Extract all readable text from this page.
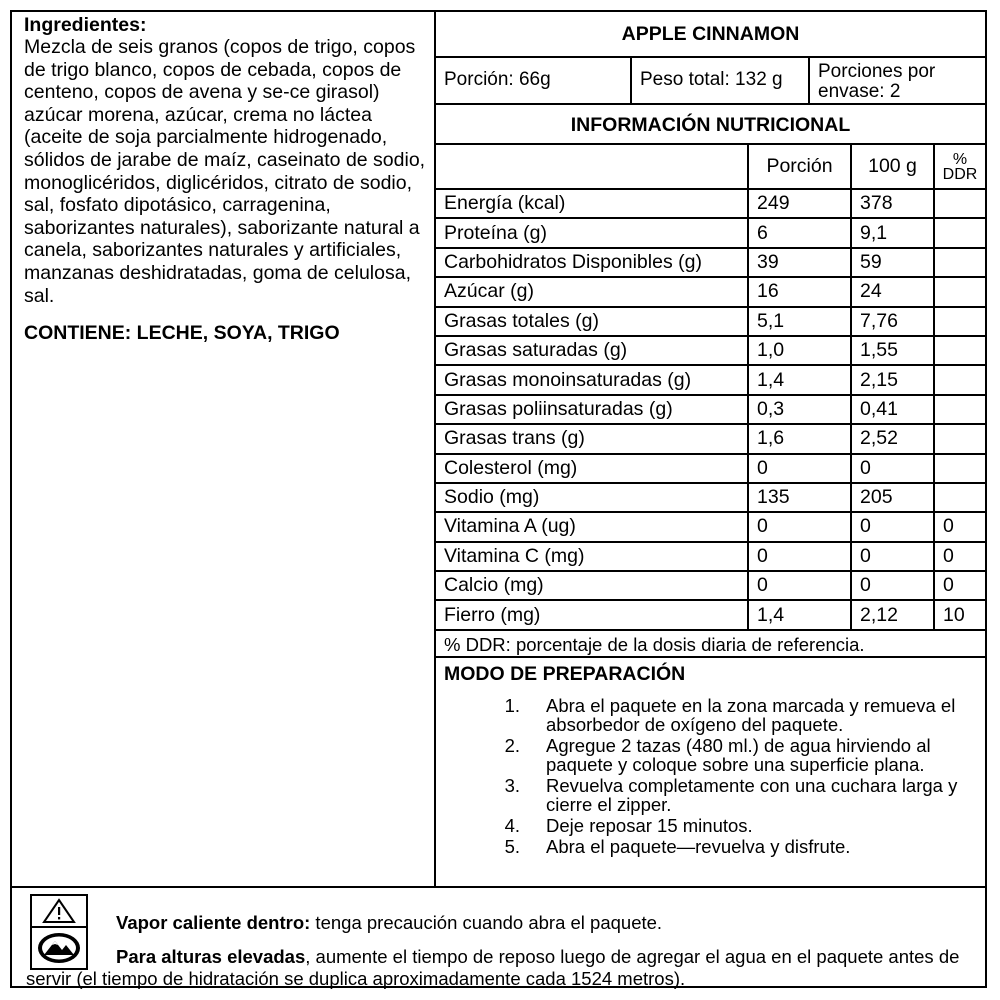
Ingredientes:

Mezcla de seis granos (copos de trigo, copos de trigo blanco, copos de cebada, copos de centeno, copos de avena y se-ce girasol) azúcar morena, azúcar, crema no láctea (aceite de soja parcialmente hidrogenado, sólidos de jarabe de maíz, caseinato de sodio, monoglicéridos, diglicéridos, citrato de sodio, sal, fosfato dipotásico, carragenina, saborizantes naturales), saborizante natural a canela, saborizantes naturales y artificiales, manzanas deshidratadas, goma de celulosa, sal.

CONTIENE: LECHE, SOYA, TRIGO

APPLE CINNAMON
Porción: 66g	Peso total: 132 g	Porciones por envase: 2
INFORMACIÓN NUTRICIONAL
	Porción	100 g	% DDR
Energía (kcal)	249	378	
Proteína (g)	6	9,1	
Carbohidratos Disponibles (g)	39	59	
Azúcar (g)	16	24	
Grasas totales (g)	5,1	7,76	
Grasas saturadas (g)	1,0	1,55	
Grasas monoinsaturadas (g)	1,4	2,15	
Grasas poliinsaturadas (g)	0,3	0,41	
Grasas trans (g)	1,6	2,52	
Colesterol (mg)	0	0	
Sodio (mg)	135	205	
Vitamina A (ug)	0	0	0
Vitamina C (mg)	0	0	0
Calcio (mg)	0	0	0
Fierro (mg)	1,4	2,12	10
% DDR: porcentaje de la dosis diaria de referencia.
MODO DE PREPARACIÓN
1.	Abra el paquete en la zona marcada y remueva el absorbedor de oxígeno del paquete.
2.	Agregue 2 tazas (480 ml.) de agua hirviendo al paquete y coloque sobre una superficie plana.
3.	Revuelva completamente con una cuchara larga y cierre el zipper.
4.	Deje reposar 15 minutos.
5.	Abra el paquete—revuelva y disfrute.
Vapor caliente dentro: tenga precaución cuando abra el paquete.
Para alturas elevadas, aumente el tiempo de reposo luego de agregar el agua en el paquete antes de servir (el tiempo de hidratación se duplica aproximadamente cada 1524 metros).
